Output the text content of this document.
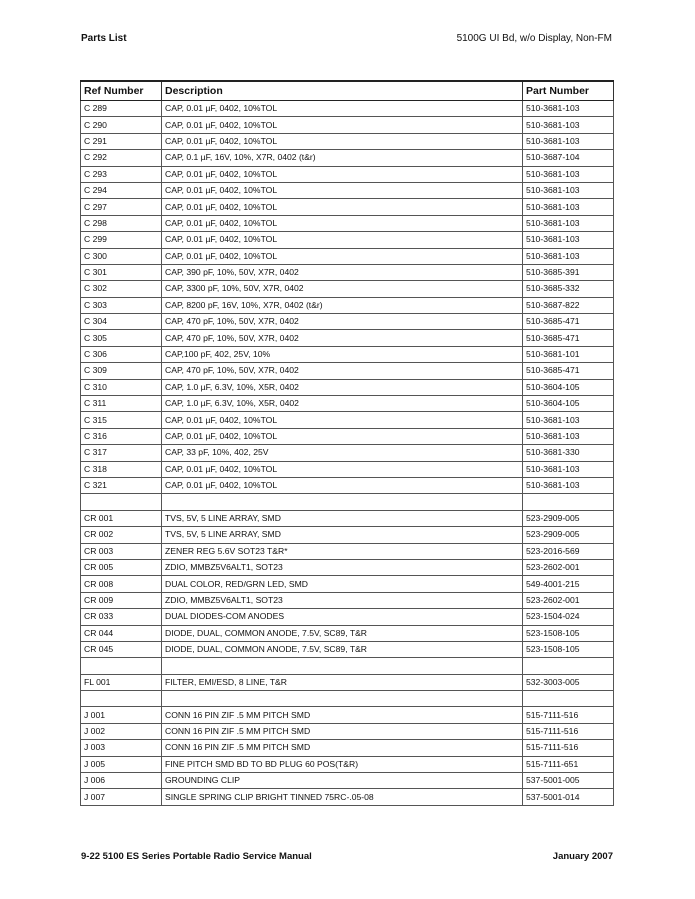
Parts List	5100G UI Bd, w/o Display, Non-FM
Ref Number	Description	Part Number
C 289	CAP, 0.01 µF, 0402, 10%TOL	510-3681-103
C 290	CAP, 0.01 µF, 0402, 10%TOL	510-3681-103
C 291	CAP, 0.01 µF, 0402, 10%TOL	510-3681-103
C 292	CAP, 0.1 µF, 16V, 10%, X7R, 0402 (t&r)	510-3687-104
C 293	CAP, 0.01 µF, 0402, 10%TOL	510-3681-103
C 294	CAP, 0.01 µF, 0402, 10%TOL	510-3681-103
C 297	CAP, 0.01 µF, 0402, 10%TOL	510-3681-103
C 298	CAP, 0.01 µF, 0402, 10%TOL	510-3681-103
C 299	CAP, 0.01 µF, 0402, 10%TOL	510-3681-103
C 300	CAP, 0.01 µF, 0402, 10%TOL	510-3681-103
C 301	CAP, 390 pF, 10%, 50V, X7R, 0402	510-3685-391
C 302	CAP, 3300 pF, 10%, 50V, X7R, 0402	510-3685-332
C 303	CAP, 8200 pF, 16V, 10%, X7R, 0402 (t&r)	510-3687-822
C 304	CAP, 470 pF, 10%, 50V, X7R, 0402	510-3685-471
C 305	CAP, 470 pF, 10%, 50V, X7R, 0402	510-3685-471
C 306	CAP,100 pF, 402, 25V, 10%	510-3681-101
C 309	CAP, 470 pF, 10%, 50V, X7R, 0402	510-3685-471
C 310	CAP, 1.0 µF, 6.3V, 10%, X5R, 0402	510-3604-105
C 311	CAP, 1.0 µF, 6.3V, 10%, X5R, 0402	510-3604-105
C 315	CAP, 0.01 µF, 0402, 10%TOL	510-3681-103
C 316	CAP, 0.01 µF, 0402, 10%TOL	510-3681-103
C 317	CAP, 33 pF, 10%, 402, 25V	510-3681-330
C 318	CAP, 0.01 µF, 0402, 10%TOL	510-3681-103
C 321	CAP, 0.01 µF, 0402, 10%TOL	510-3681-103

CR 001	TVS, 5V, 5 LINE ARRAY, SMD	523-2909-005
CR 002	TVS, 5V, 5 LINE ARRAY, SMD	523-2909-005
CR 003	ZENER REG 5.6V SOT23 T&R*	523-2016-569
CR 005	ZDIO, MMBZ5V6ALT1, SOT23	523-2602-001
CR 008	DUAL COLOR, RED/GRN LED, SMD	549-4001-215
CR 009	ZDIO, MMBZ5V6ALT1, SOT23	523-2602-001
CR 033	DUAL DIODES-COM ANODES	523-1504-024
CR 044	DIODE, DUAL, COMMON ANODE, 7.5V, SC89, T&R	523-1508-105
CR 045	DIODE, DUAL, COMMON ANODE, 7.5V, SC89, T&R	523-1508-105

FL 001	FILTER, EMI/ESD, 8 LINE, T&R	532-3003-005

J 001	CONN 16 PIN ZIF .5 MM PITCH SMD	515-7111-516
J 002	CONN 16 PIN ZIF .5 MM PITCH SMD	515-7111-516
J 003	CONN 16 PIN ZIF .5 MM PITCH SMD	515-7111-516
J 005	FINE PITCH SMD BD TO BD PLUG 60 POS(T&R)	515-7111-651
J 006	GROUNDING CLIP	537-5001-005
J 007	SINGLE SPRING CLIP BRIGHT TINNED 75RC-.05-08	537-5001-014
9-22 5100 ES Series Portable Radio Service Manual	January 2007
